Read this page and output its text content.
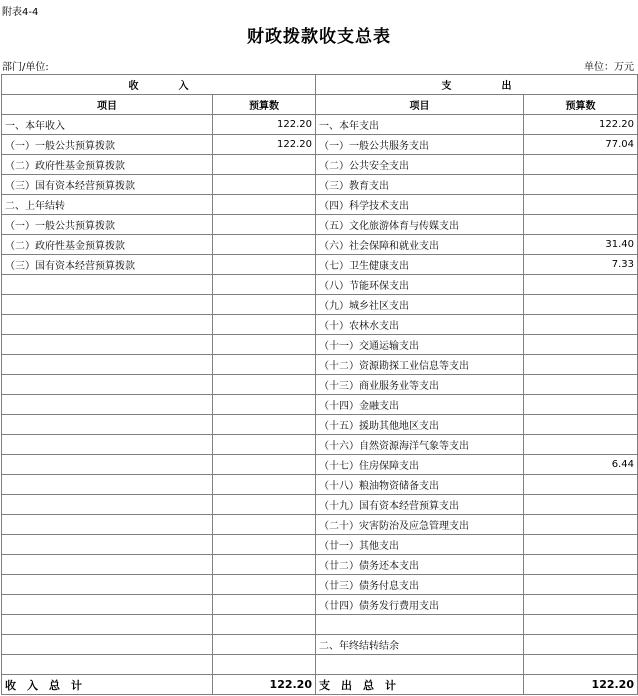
附表4-4
财政拨款收支总表
部门/单位:	单位：万元
收　　　　入		支　　　　　出	
项目	预算数	项目	预算数
一、本年收入	122.20	一、本年支出	122.20
（一）一般公共预算拨款	122.20	（一）一般公共服务支出	77.04
（二）政府性基金预算拨款		（二）公共安全支出	
（三）国有资本经营预算拨款		（三）教育支出	
二、上年结转		（四）科学技术支出	
（一）一般公共预算拨款		（五）文化旅游体育与传媒支出	
（二）政府性基金预算拨款		（六）社会保障和就业支出	31.40
（三）国有资本经营预算拨款		（七）卫生健康支出	7.33
		（八）节能环保支出	
		（九）城乡社区支出	
		（十）农林水支出	
		（十一）交通运输支出	
		（十二）资源勘探工业信息等支出	
		（十三）商业服务业等支出	
		（十四）金融支出	
		（十五）援助其他地区支出	
		（十六）自然资源海洋气象等支出	
		（十七）住房保障支出	6.44
		（十八）粮油物资储备支出	
		（十九）国有资本经营预算支出	
		（二十）灾害防治及应急管理支出	
		（廿一）其他支出	
		（廿二）债务还本支出	
		（廿三）债务付息支出	
		（廿四）债务发行费用支出	

		二、年终结转结余	

收　入　总　计	122.20	支　出　总　计	122.20
